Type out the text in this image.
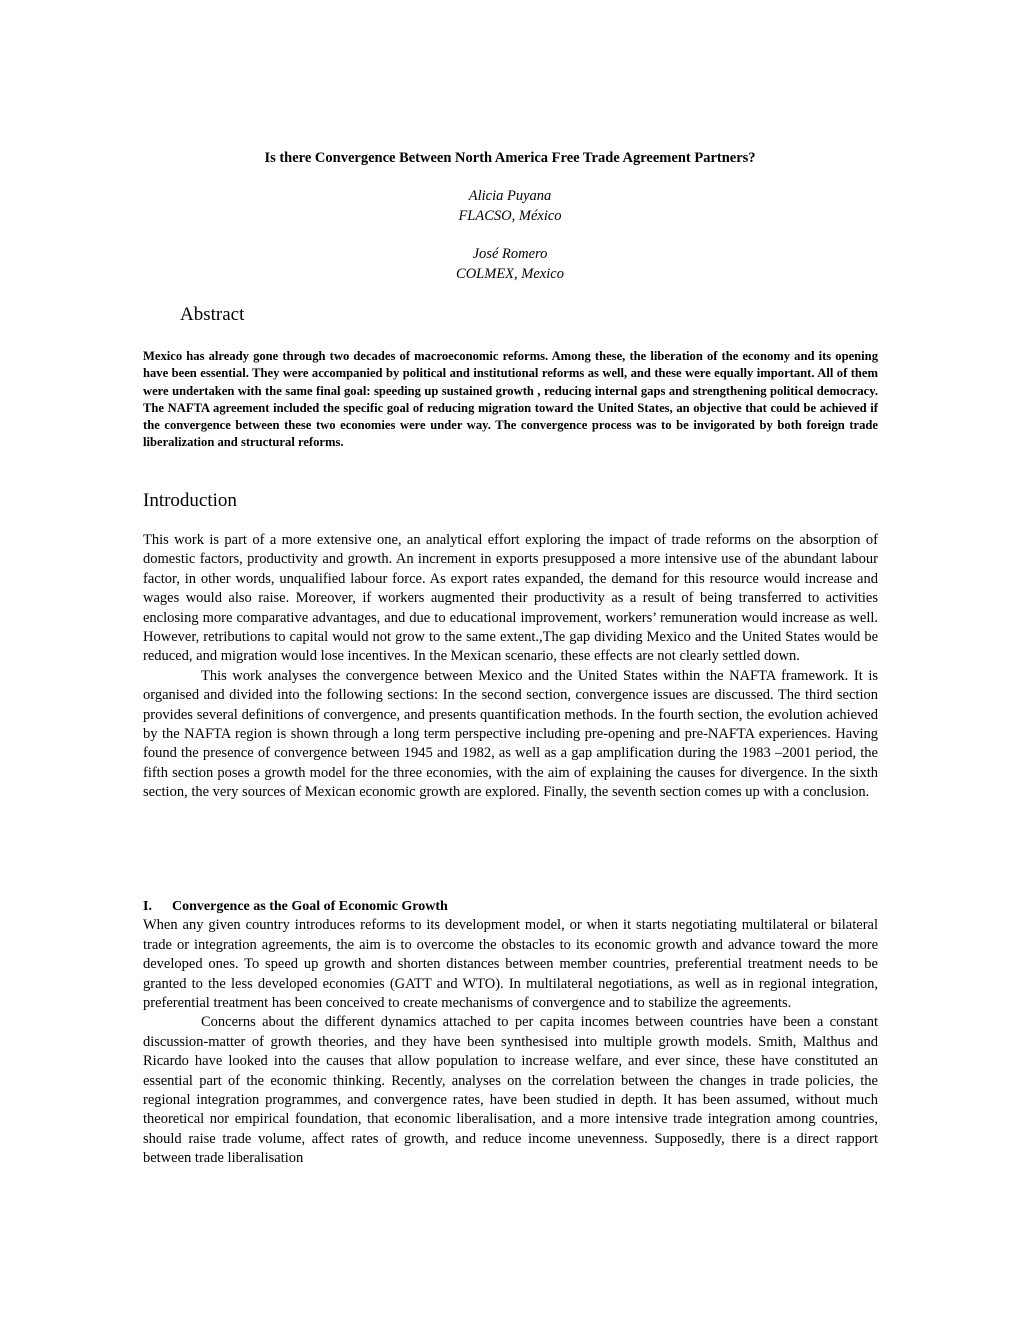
Is there Convergence Between North America Free Trade Agreement Partners?
Alicia Puyana
FLACSO, México
José Romero
COLMEX, Mexico
Abstract

Mexico has already gone through two decades of macroeconomic reforms. Among these, the liberation of the economy and its opening have been essential. They were accompanied by political and institutional reforms as well, and these were equally important. All of them were undertaken with the same final goal: speeding up sustained growth , reducing internal gaps and strengthening political democracy. The NAFTA agreement included the specific goal of reducing migration toward the United States, an objective that could be achieved if the convergence between these two economies were under way. The convergence process was to be invigorated by both foreign trade liberalization and structural reforms.

Introduction

This work is part of a more extensive one, an analytical effort exploring the impact of trade reforms on the absorption of domestic factors, productivity and growth. An increment in exports presupposed a more intensive use of the abundant labour factor, in other words, unqualified labour force. As export rates expanded, the demand for this resource would increase and wages would also raise. Moreover, if workers augmented their productivity as a result of being transferred to activities enclosing more comparative advantages, and due to educational improvement, workers’ remuneration would increase as well. However, retributions to capital would not grow to the same extent.,The gap dividing Mexico and the United States would be reduced, and migration would lose incentives. In the Mexican scenario, these effects are not clearly settled down.

This work analyses the convergence between Mexico and the United States within the NAFTA framework. It is organised and divided into the following sections: In the second section, convergence issues are discussed. The third section provides several definitions of convergence, and presents quantification methods. In the fourth section, the evolution achieved by the NAFTA region is shown through a long term perspective including pre-opening and pre-NAFTA experiences. Having found the presence of convergence between 1945 and 1982, as well as a gap amplification during the 1983 –2001 period, the fifth section poses a growth model for the three economies, with the aim of explaining the causes for divergence. In the sixth section, the very sources of Mexican economic growth are explored. Finally, the seventh section comes up with a conclusion.

I.	Convergence as the Goal of Economic Growth

When any given country introduces reforms to its development model, or when it starts negotiating multilateral or bilateral trade or integration agreements, the aim is to overcome the obstacles to its economic growth and advance toward the more developed ones. To speed up growth and shorten distances between member countries, preferential treatment needs to be granted to the less developed economies (GATT and WTO). In multilateral negotiations, as well as in regional integration, preferential treatment has been conceived to create mechanisms of convergence and to stabilize the agreements.

Concerns about the different dynamics attached to per capita incomes between countries have been a constant discussion-matter of growth theories, and they have been synthesised into multiple growth models. Smith, Malthus and Ricardo have looked into the causes that allow population to increase welfare, and ever since, these have constituted an essential part of the economic thinking. Recently, analyses on the correlation between the changes in trade policies, the regional integration programmes, and convergence rates, have been studied in depth. It has been assumed, without much theoretical nor empirical foundation, that economic liberalisation, and a more intensive trade integration among countries, should raise trade volume, affect rates of growth, and reduce income unevenness. Supposedly, there is a direct rapport between trade liberalisation
